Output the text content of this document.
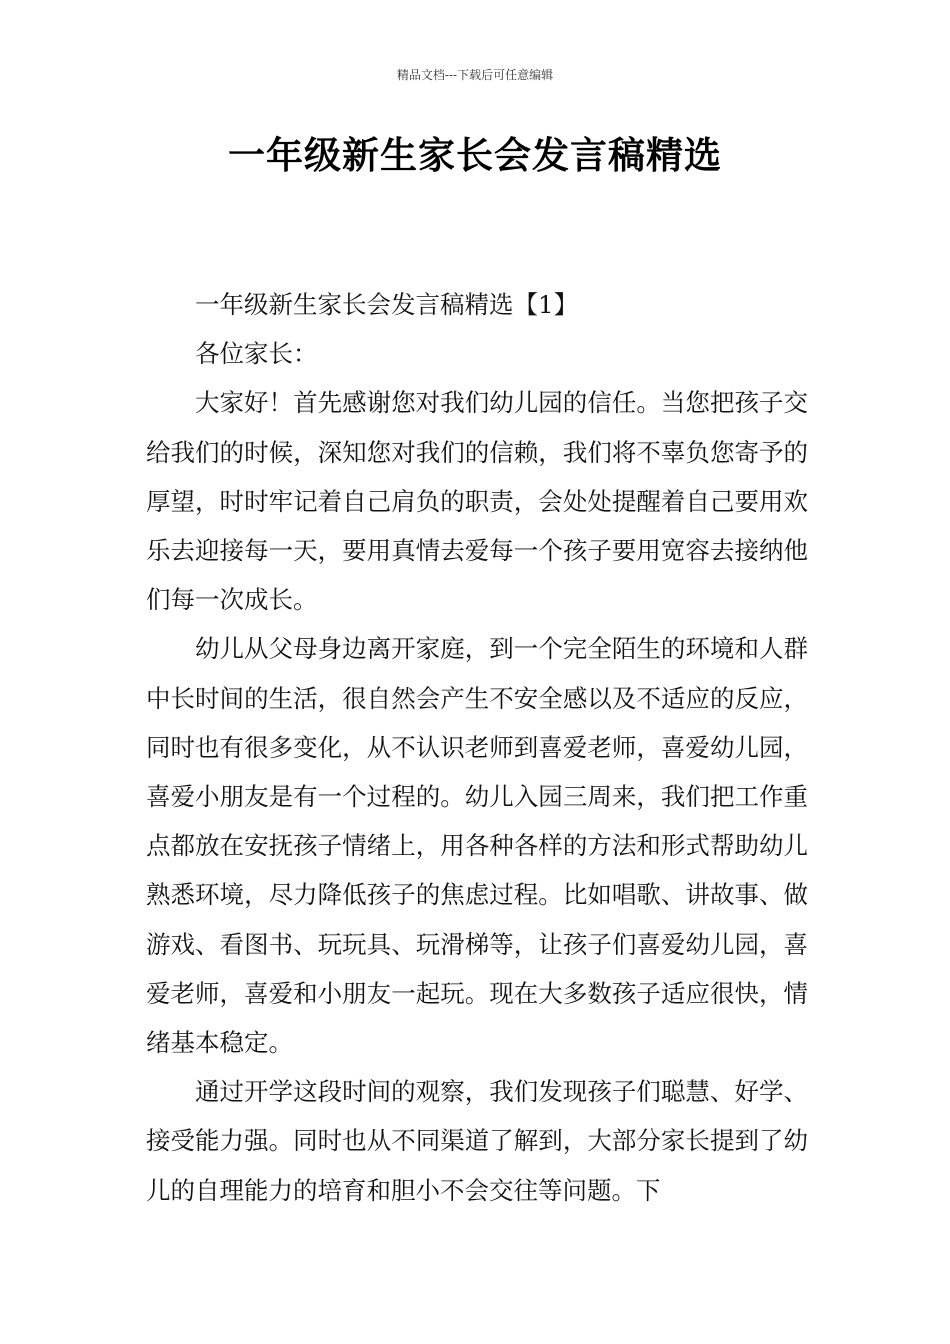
精品文档---下载后可任意编辑
一年级新生家长会发言稿精选

一年级新生家长会发言稿精选【1】

各位家长：

大家好！首先感谢您对我们幼儿园的信任。当您把孩子交给我们的时候，深知您对我们的信赖，我们将不辜负您寄予的厚望，时时牢记着自己肩负的职责，会处处提醒着自己要用欢乐去迎接每一天，要用真情去爱每一个孩子要用宽容去接纳他们每一次成长。

幼儿从父母身边离开家庭，到一个完全陌生的环境和人群中长时间的生活，很自然会产生不安全感以及不适应的反应，同时也有很多变化，从不认识老师到喜爱老师，喜爱幼儿园，喜爱小朋友是有一个过程的。幼儿入园三周来，我们把工作重点都放在安抚孩子情绪上，用各种各样的方法和形式帮助幼儿熟悉环境，尽力降低孩子的焦虑过程。比如唱歌、讲故事、做游戏、看图书、玩玩具、玩滑梯等，让孩子们喜爱幼儿园，喜爱老师，喜爱和小朋友一起玩。现在大多数孩子适应很快，情绪基本稳定。

通过开学这段时间的观察，我们发现孩子们聪慧、好学、接受能力强。同时也从不同渠道了解到，大部分家长提到了幼儿的自理能力的培育和胆小不会交往等问题。下
